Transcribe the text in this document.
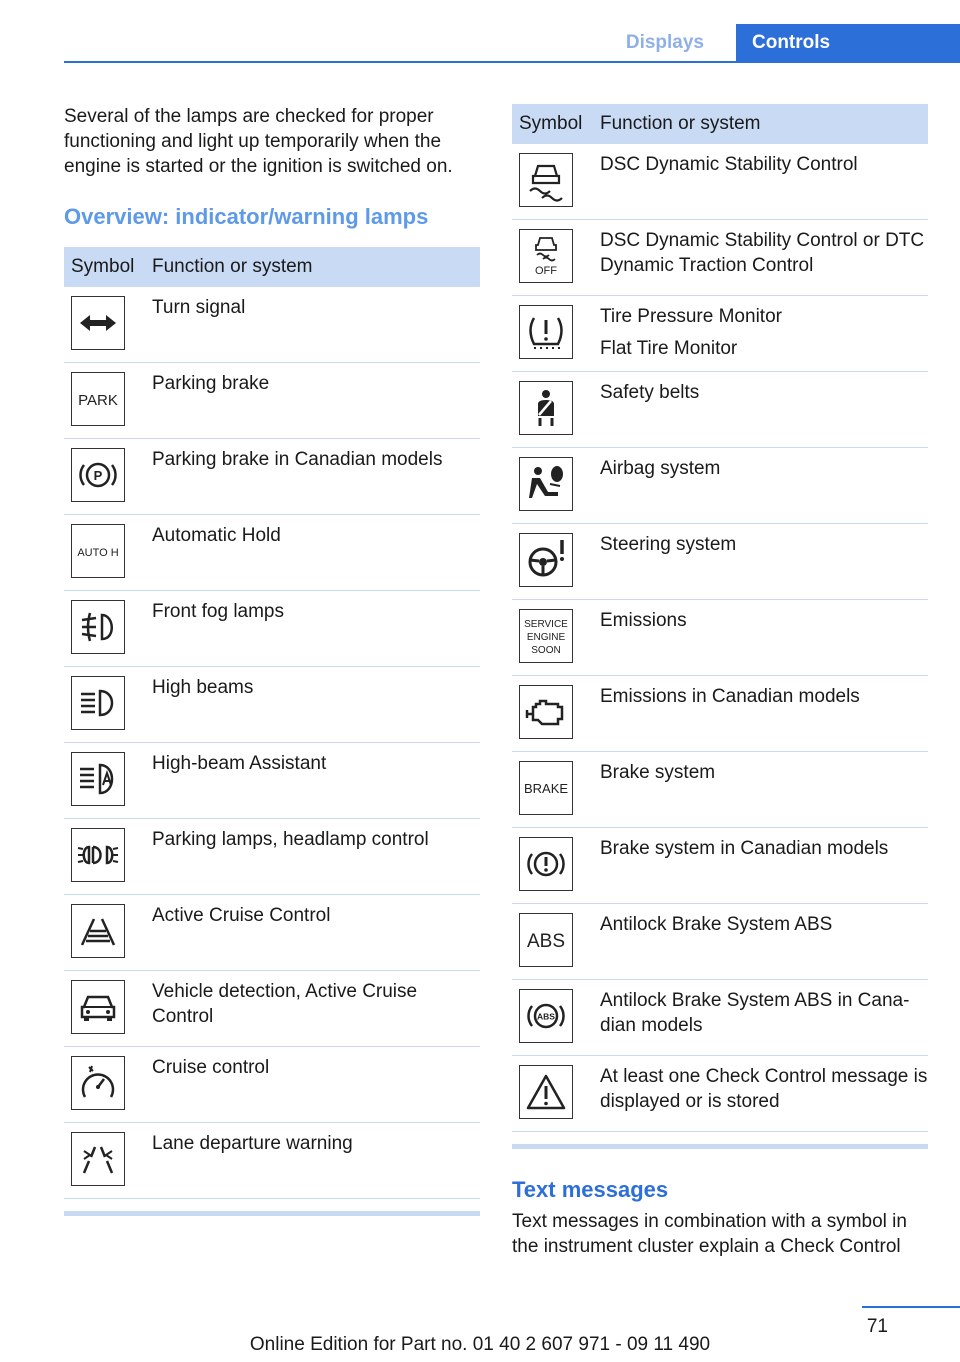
Displays	Controls

Several of the lamps are checked for proper functioning and light up temporarily when the engine is started or the ignition is switched on.

Overview: indicator/warning lamps
Symbol Function or system
Turn signal
PARK
Parking brake
P
Parking brake in Canadian models
AUTO H
Automatic Hold
Front fog lamps
High beams
High-beam Assistant
Parking lamps, headlamp control
Active Cruise Control
Vehicle detection, Active Cruise Control
Cruise control
Lane departure warning
Symbol Function or system
DSC Dynamic Stability Control
OFF
DSC Dynamic Stability Control or DTC Dynamic Traction Control
Tire Pressure Monitor
Flat Tire Monitor
Safety belts
Airbag system
Steering system
SERVICE
ENGINE
SOON
Emissions
Emissions in Canadian models
BRAKE
Brake system
Brake system in Canadian models
ABS
Antilock Brake System ABS
ABS
Antilock Brake System ABS in Cana-dian models
At least one Check Control message is displayed or is stored
Text messages

Text messages in combination with a symbol in the instrument cluster explain a Check Control

71
Online Edition for Part no. 01 40 2 607 971 - 09 11 490
